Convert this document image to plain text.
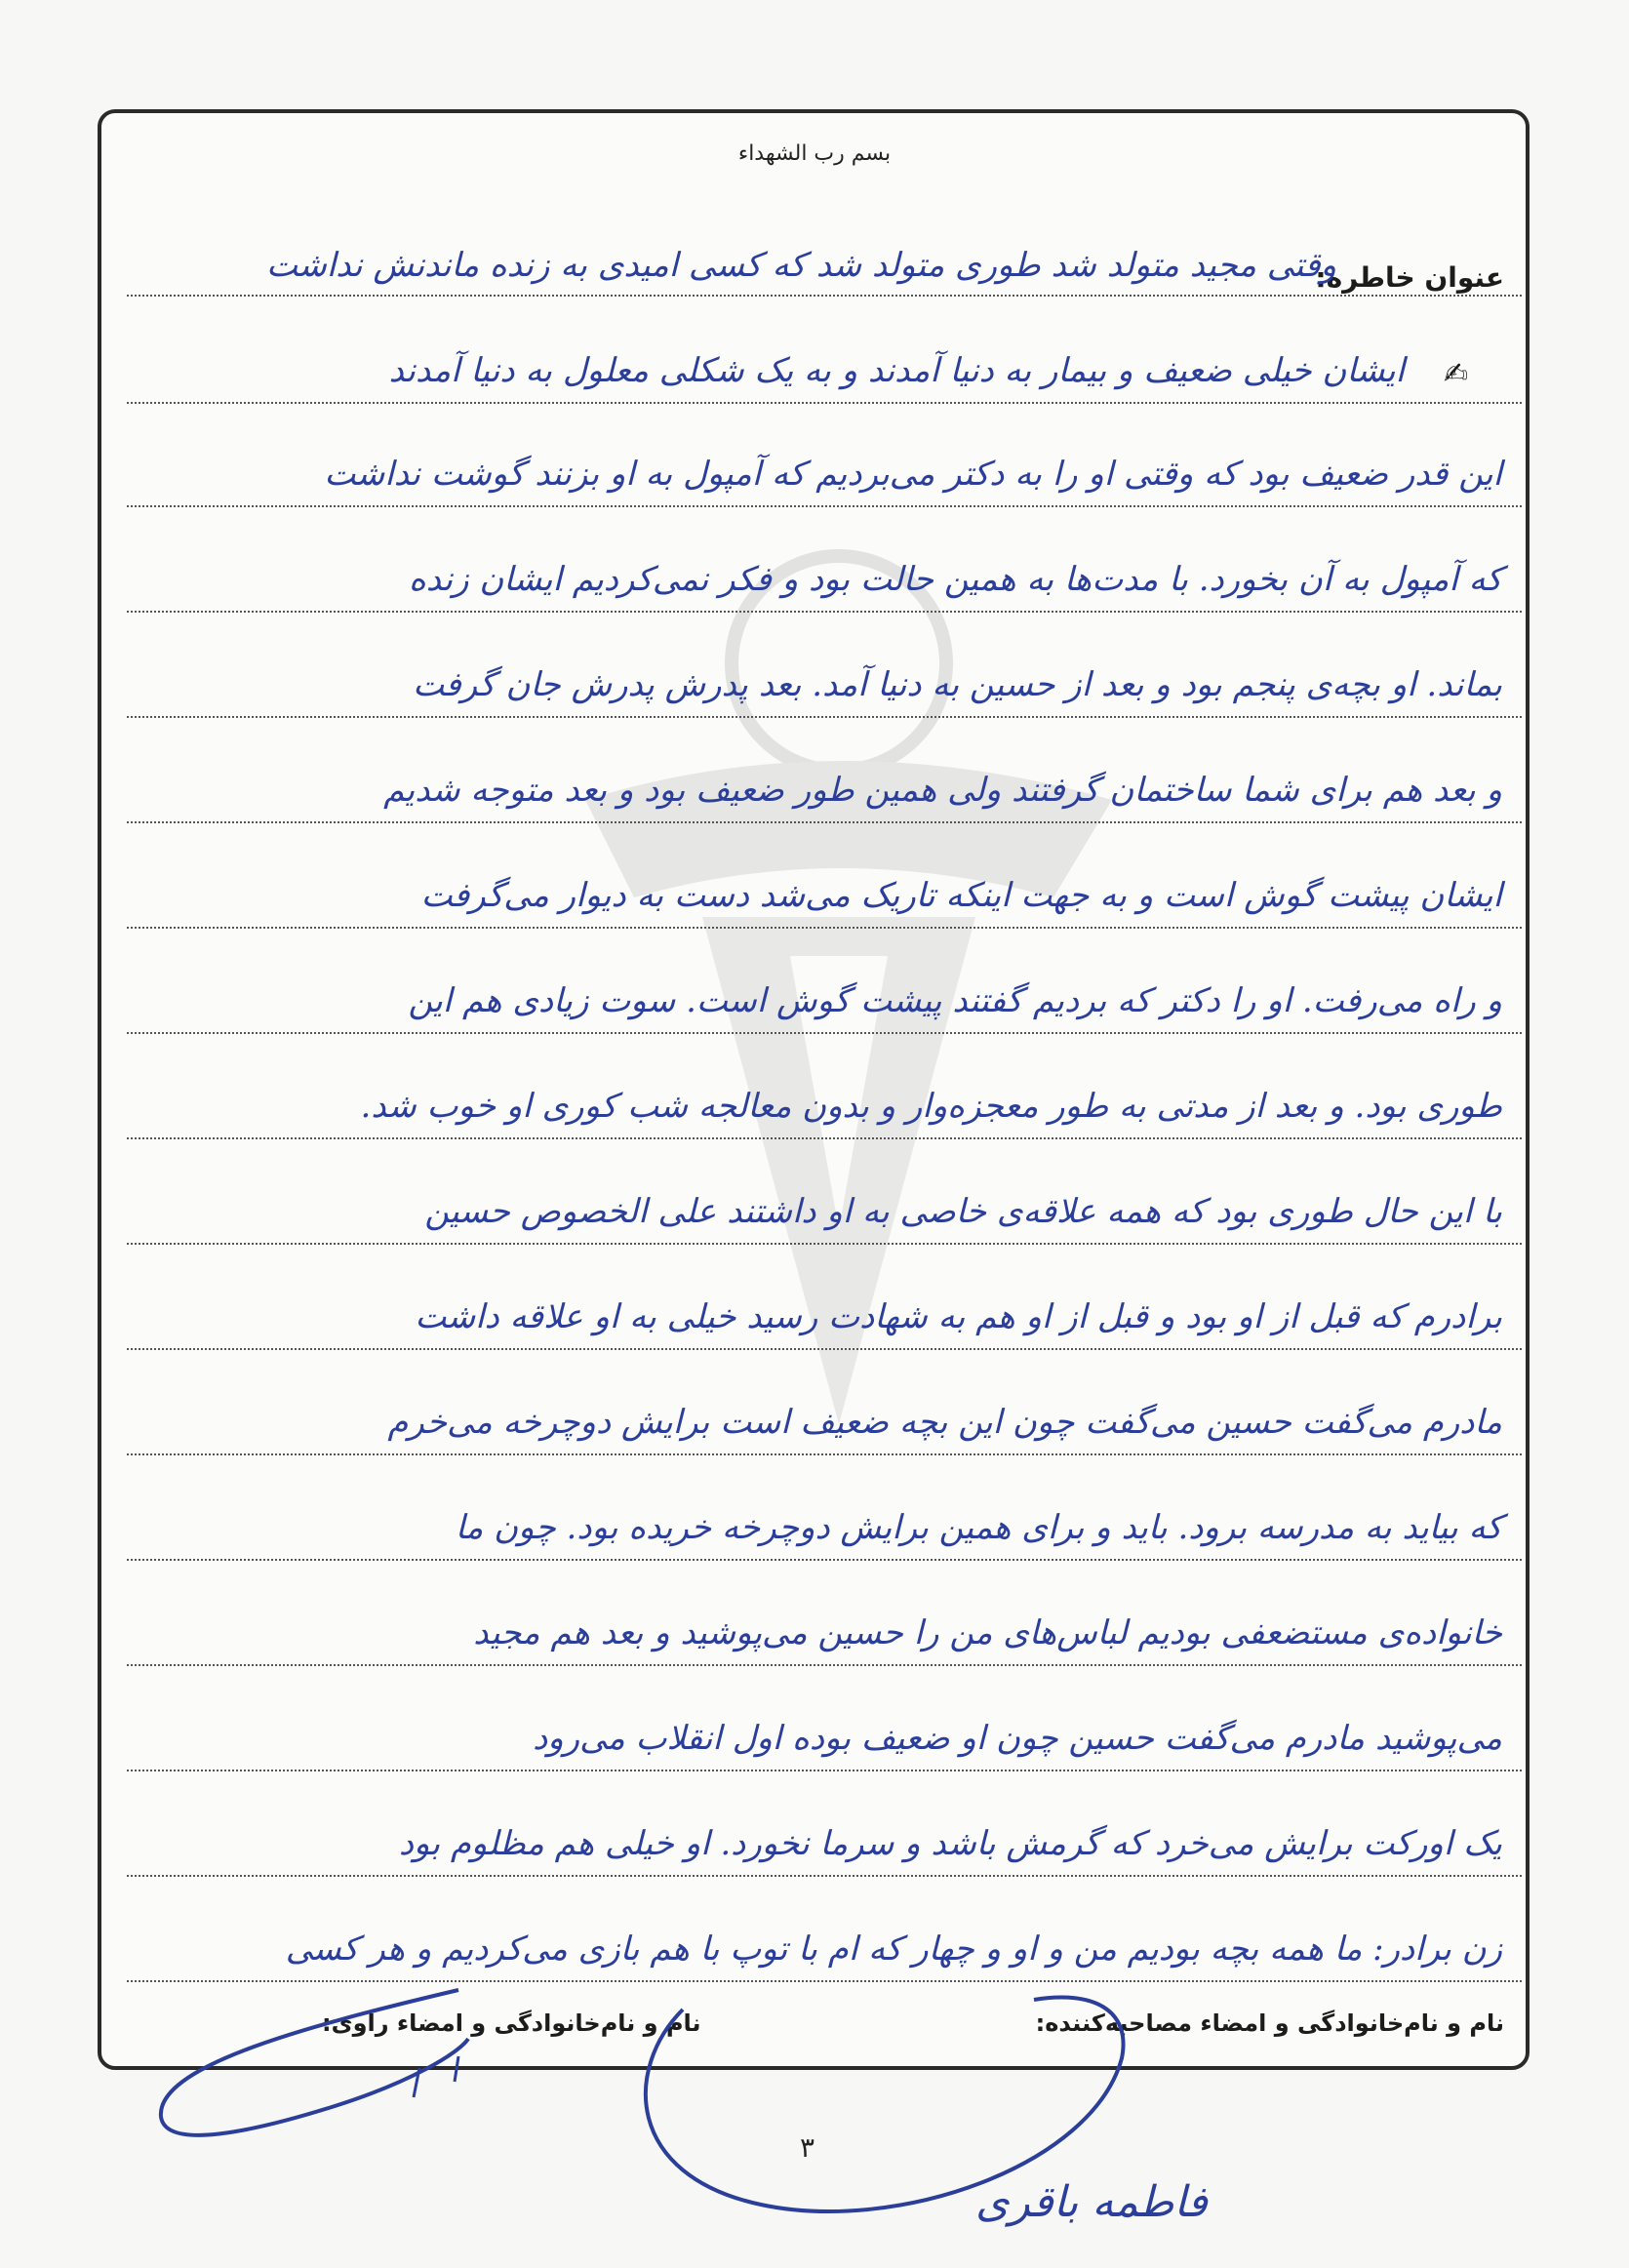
بسم رب الشهداء
عنوان خاطره:
✍
وقتی مجید متولد شد طوری متولد شد که کسی امیدی به زنده ماندنش نداشت
ایشان خیلی ضعیف و بیمار به دنیا آمدند و به یک شکلی معلول به دنیا آمدند
این قدر ضعیف بود که وقتی او را به دکتر می‌بردیم که آمپول به او بزنند گوشت نداشت
که آمپول به آن بخورد. با مدت‌ها به همین حالت بود و فکر نمی‌کردیم ایشان زنده
بماند. او بچه‌ی پنجم بود و بعد از حسین به دنیا آمد. بعد پدرش پدرش جان گرفت
و بعد هم برای شما ساختمان گرفتند ولی همین طور ضعیف بود و بعد متوجه شدیم
ایشان پیشت گوش است و به جهت اینکه تاریک می‌شد دست به دیوار می‌گرفت
و راه می‌رفت. او را دکتر که بردیم گفتند پیشت گوش است. سوت زیادی هم این
طوری بود. و بعد از مدتی به طور معجزه‌وار و بدون معالجه شب کوری او خوب شد.
با این حال طوری بود که همه علاقه‌ی خاصی به او داشتند علی الخصوص حسین
برادرم که قبل از او بود و قبل از او هم به شهادت رسید خیلی به او علاقه داشت
مادرم می‌گفت حسین می‌گفت چون این بچه ضعیف است برایش دوچرخه می‌خرم
که بیاید به مدرسه برود. باید و برای همین برایش دوچرخه خریده بود. چون ما
خانواده‌ی مستضعفی بودیم لباس‌های من را حسین می‌پوشید و بعد هم مجید
می‌پوشید مادرم می‌گفت حسین چون او ضعیف بوده اول انقلاب می‌رود
یک اورکت برایش می‌خرد که گرمش باشد و سرما نخورد. او خیلی هم مظلوم بود
زن برادر: ما همه بچه بودیم من و او و چهار که ام با توپ با هم بازی می‌کردیم و هر کسی
نام و نام‌خانوادگی و امضاء مصاحبه‌کننده:
نام و نام‌خانوادگی و امضاء راوی:
۳
فاطمه باقری
